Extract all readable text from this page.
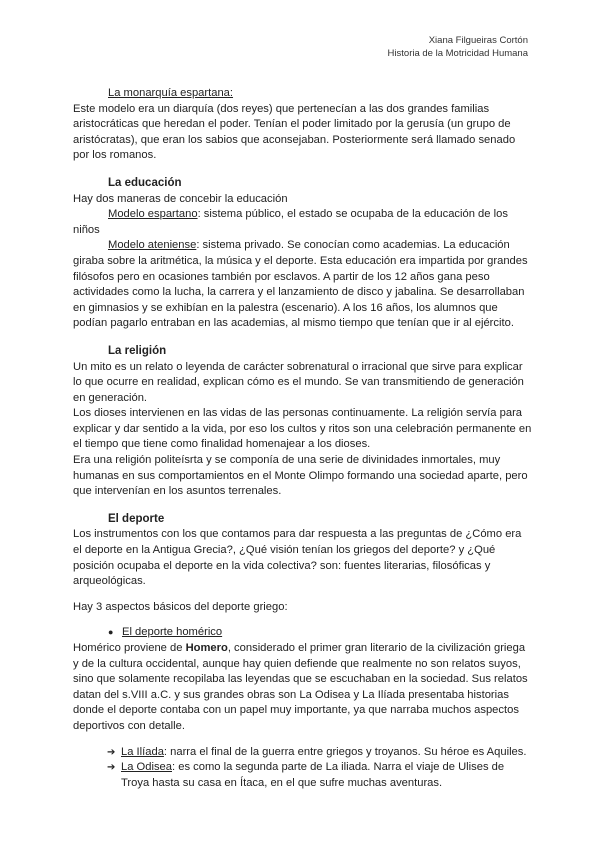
Xiana Filgueiras Cortón
Historia de la Motricidad Humana

La monarquía espartana:

Este modelo era un diarquía (dos reyes) que pertenecían a las dos grandes familias aristocráticas que heredan el poder. Tenían el poder limitado por la gerusía (un grupo de aristócratas), que eran los sabios que aconsejaban. Posteriormente será llamado senado por los romanos.

La educación

Hay dos maneras de concebir la educación

Modelo espartano: sistema público, el estado se ocupaba de la educación de los niños

Modelo ateniense: sistema privado. Se conocían como academias. La educación giraba sobre la aritmética, la música y el deporte. Esta educación era impartida por grandes filósofos pero en ocasiones también por esclavos. A partir de los 12 años gana peso actividades como la lucha, la carrera y el lanzamiento de disco y jabalina. Se desarrollaban en gimnasios y se exhibían en la palestra (escenario). A los 16 años, los alumnos que podían pagarlo entraban en las academias, al mismo tiempo que tenían que ir al ejército.

La religión

Un mito es un relato o leyenda de carácter sobrenatural o irracional que sirve para explicar lo que ocurre en realidad, explican cómo es el mundo. Se van transmitiendo de generación en generación.

Los dioses intervienen en las vidas de las personas continuamente. La religión servía para explicar y dar sentido a la vida, por eso los cultos y ritos son una celebración permanente en el tiempo que tiene como finalidad homenajear a los dioses.

Era una religión politeísrta y se componía de una serie de divinidades inmortales, muy humanas en sus comportamientos en el Monte Olimpo formando una sociedad aparte, pero que intervenían en los asuntos terrenales.

El deporte

Los instrumentos con los que contamos para dar respuesta a las preguntas de ¿Cómo era el deporte en la Antigua Grecia?, ¿Qué visión tenían los griegos del deporte? y ¿Qué posición ocupaba el deporte en la vida colectiva? son: fuentes literarias, filosóficas y arqueológicas.

Hay 3 aspectos básicos del deporte griego:

● El deporte homérico

Homérico proviene de Homero, considerado el primer gran literario de la civilización griega y de la cultura occidental, aunque hay quien defiende que realmente no son relatos suyos, sino que solamente recopilaba las leyendas que se escuchaban en la sociedad. Sus relatos datan del s.VIII a.C. y sus grandes obras son La Odisea y La Ilíada presentaba historias donde el deporte contaba con un papel muy importante, ya que narraba muchos aspectos deportivos con detalle.

➔ La Ilíada: narra el final de la guerra entre griegos y troyanos. Su héroe es Aquiles.
➔ La Odisea: es como la segunda parte de La iliada. Narra el viaje de Ulises de Troya hasta su casa en Ítaca, en el que sufre muchas aventuras.
